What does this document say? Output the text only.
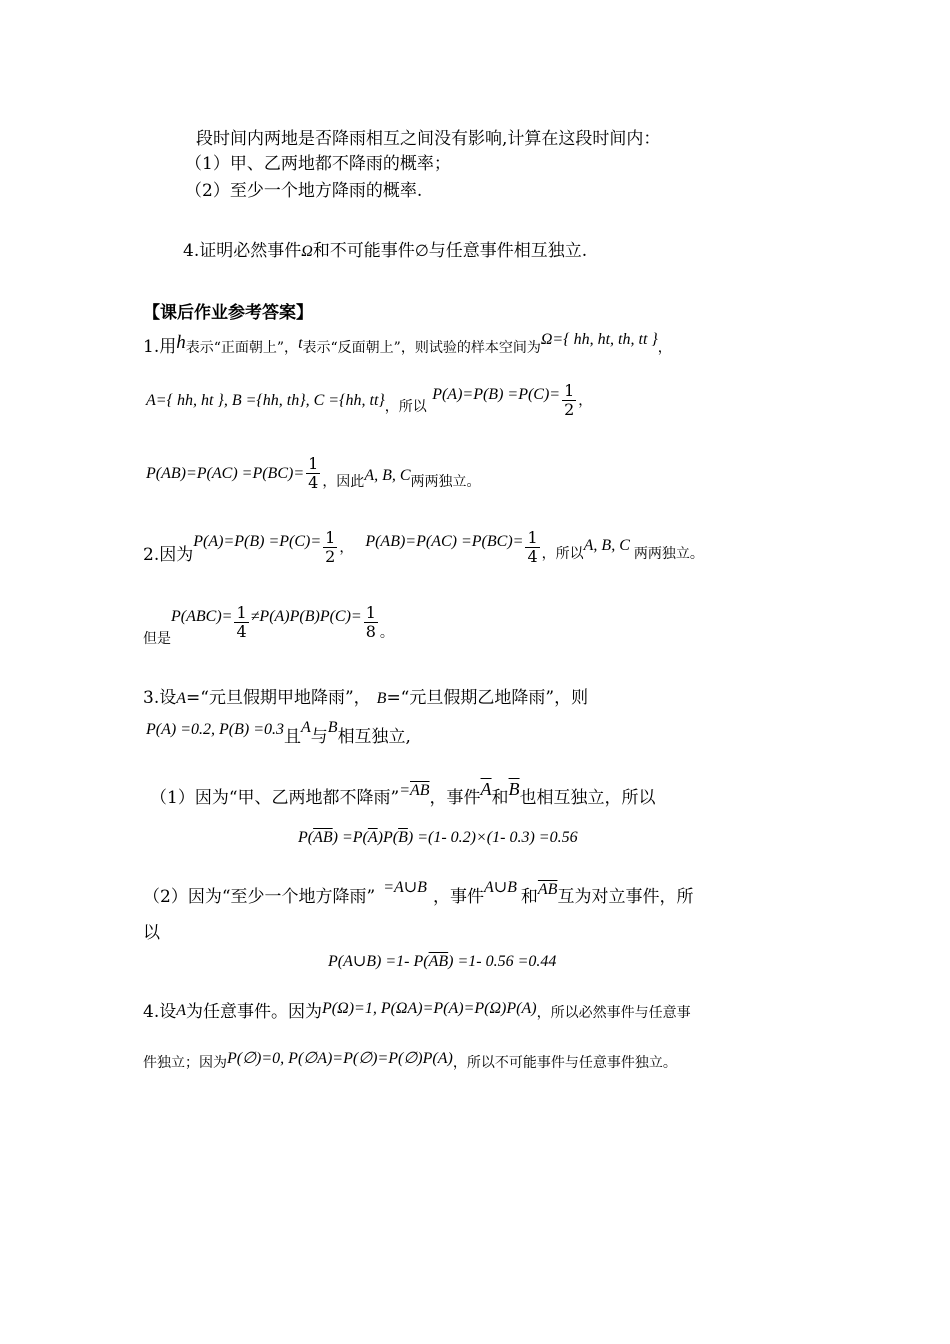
段时间内两地是否降雨相互之间没有影响,计算在这段时间内：
（1）甲、乙两地都不降雨的概率；
（2）至少一个地方降雨的概率.
4.证明必然事件Ω和不可能事件∅与任意事件相互独立.
【课后作业参考答案】
1.用h表示“正面朝上”，t表示“反面朝上”，则试验的样本空间为Ω={ hh, ht, th, tt }，
A={ hh, ht }, B ={hh, th}, C ={hh, $tt\}_{,所以}$ $P(A)=P(B) =P(C)= \frac{1}{2}$ ，
$P(AB)=P(AC) =P(BC)= \frac{1}{4} _{,因此}A$, B, $C_{两两独立。}$
2.因为$P(A)=P(B) =P(C)= \frac{1}{2}$ ， $P(AB)=P(AC) =P(BC)= \frac{1}{4} _{,所以}A$, B, C $_{两两独立。}$
$_{但是}P(ABC)= \frac{1}{4} \ne P(A)P(B)P(C)= \frac{1}{8} _。$
3.设A=“元旦假期甲地降雨”， B=“元旦假期乙地降雨”，则
P(A) =0.2, P(B) =0.3且A与B相互独立,
（1）因为“甲、乙两地都不降雨$”=\overline{AB}$，事件$\overline{A}$和$\overline{B}$也相互独立，所以
$P(\overline{AB}) =P(\overline{A})P(\overline{B}) =(1-$ 0.2)×(1- 0.3) =0.56
（2）因为“至少一个地方降雨” =A∪B ，事件A∪B 和$\overline{AB}$互为对立事件，所
以
P(A∪B) =1- $P(\overline{AB}) =1-$ 0.56 =0.44
4.设A为任意事件。因为P(Ω)=1, P(ΩA)=P(A)=P(Ω)P(A)，所以必然事件与任意事
件独立；因为P(∅)=0, P(∅A)=P(∅)=P(∅)P(A)，所以不可能事件与任意事件独立。
